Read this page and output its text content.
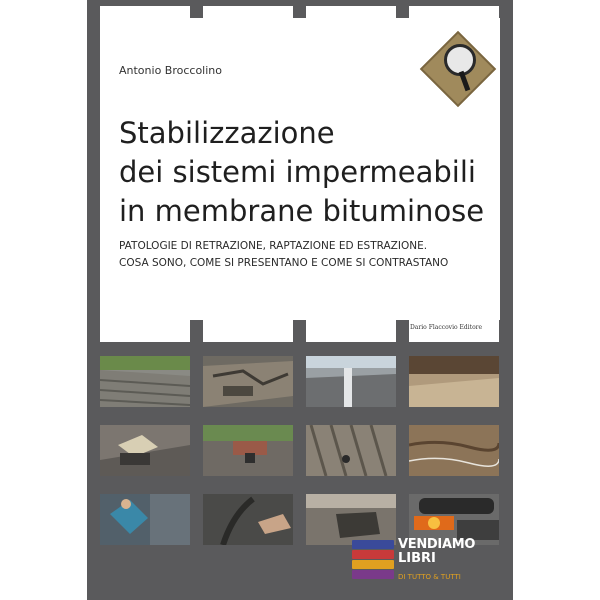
Antonio Broccolino
Stabilizzazione
dei sistemi impermeabili
in membrane bituminose
PATOLOGIE DI RETRAZIONE, RAPTAZIONE ED ESTRAZIONE.
COSA SONO, COME SI PRESENTANO E COME SI CONTRASTANO
Dario Flaccovio Editore
VENDIAMO
LIBRI
DI TUTTO & TUTTI
